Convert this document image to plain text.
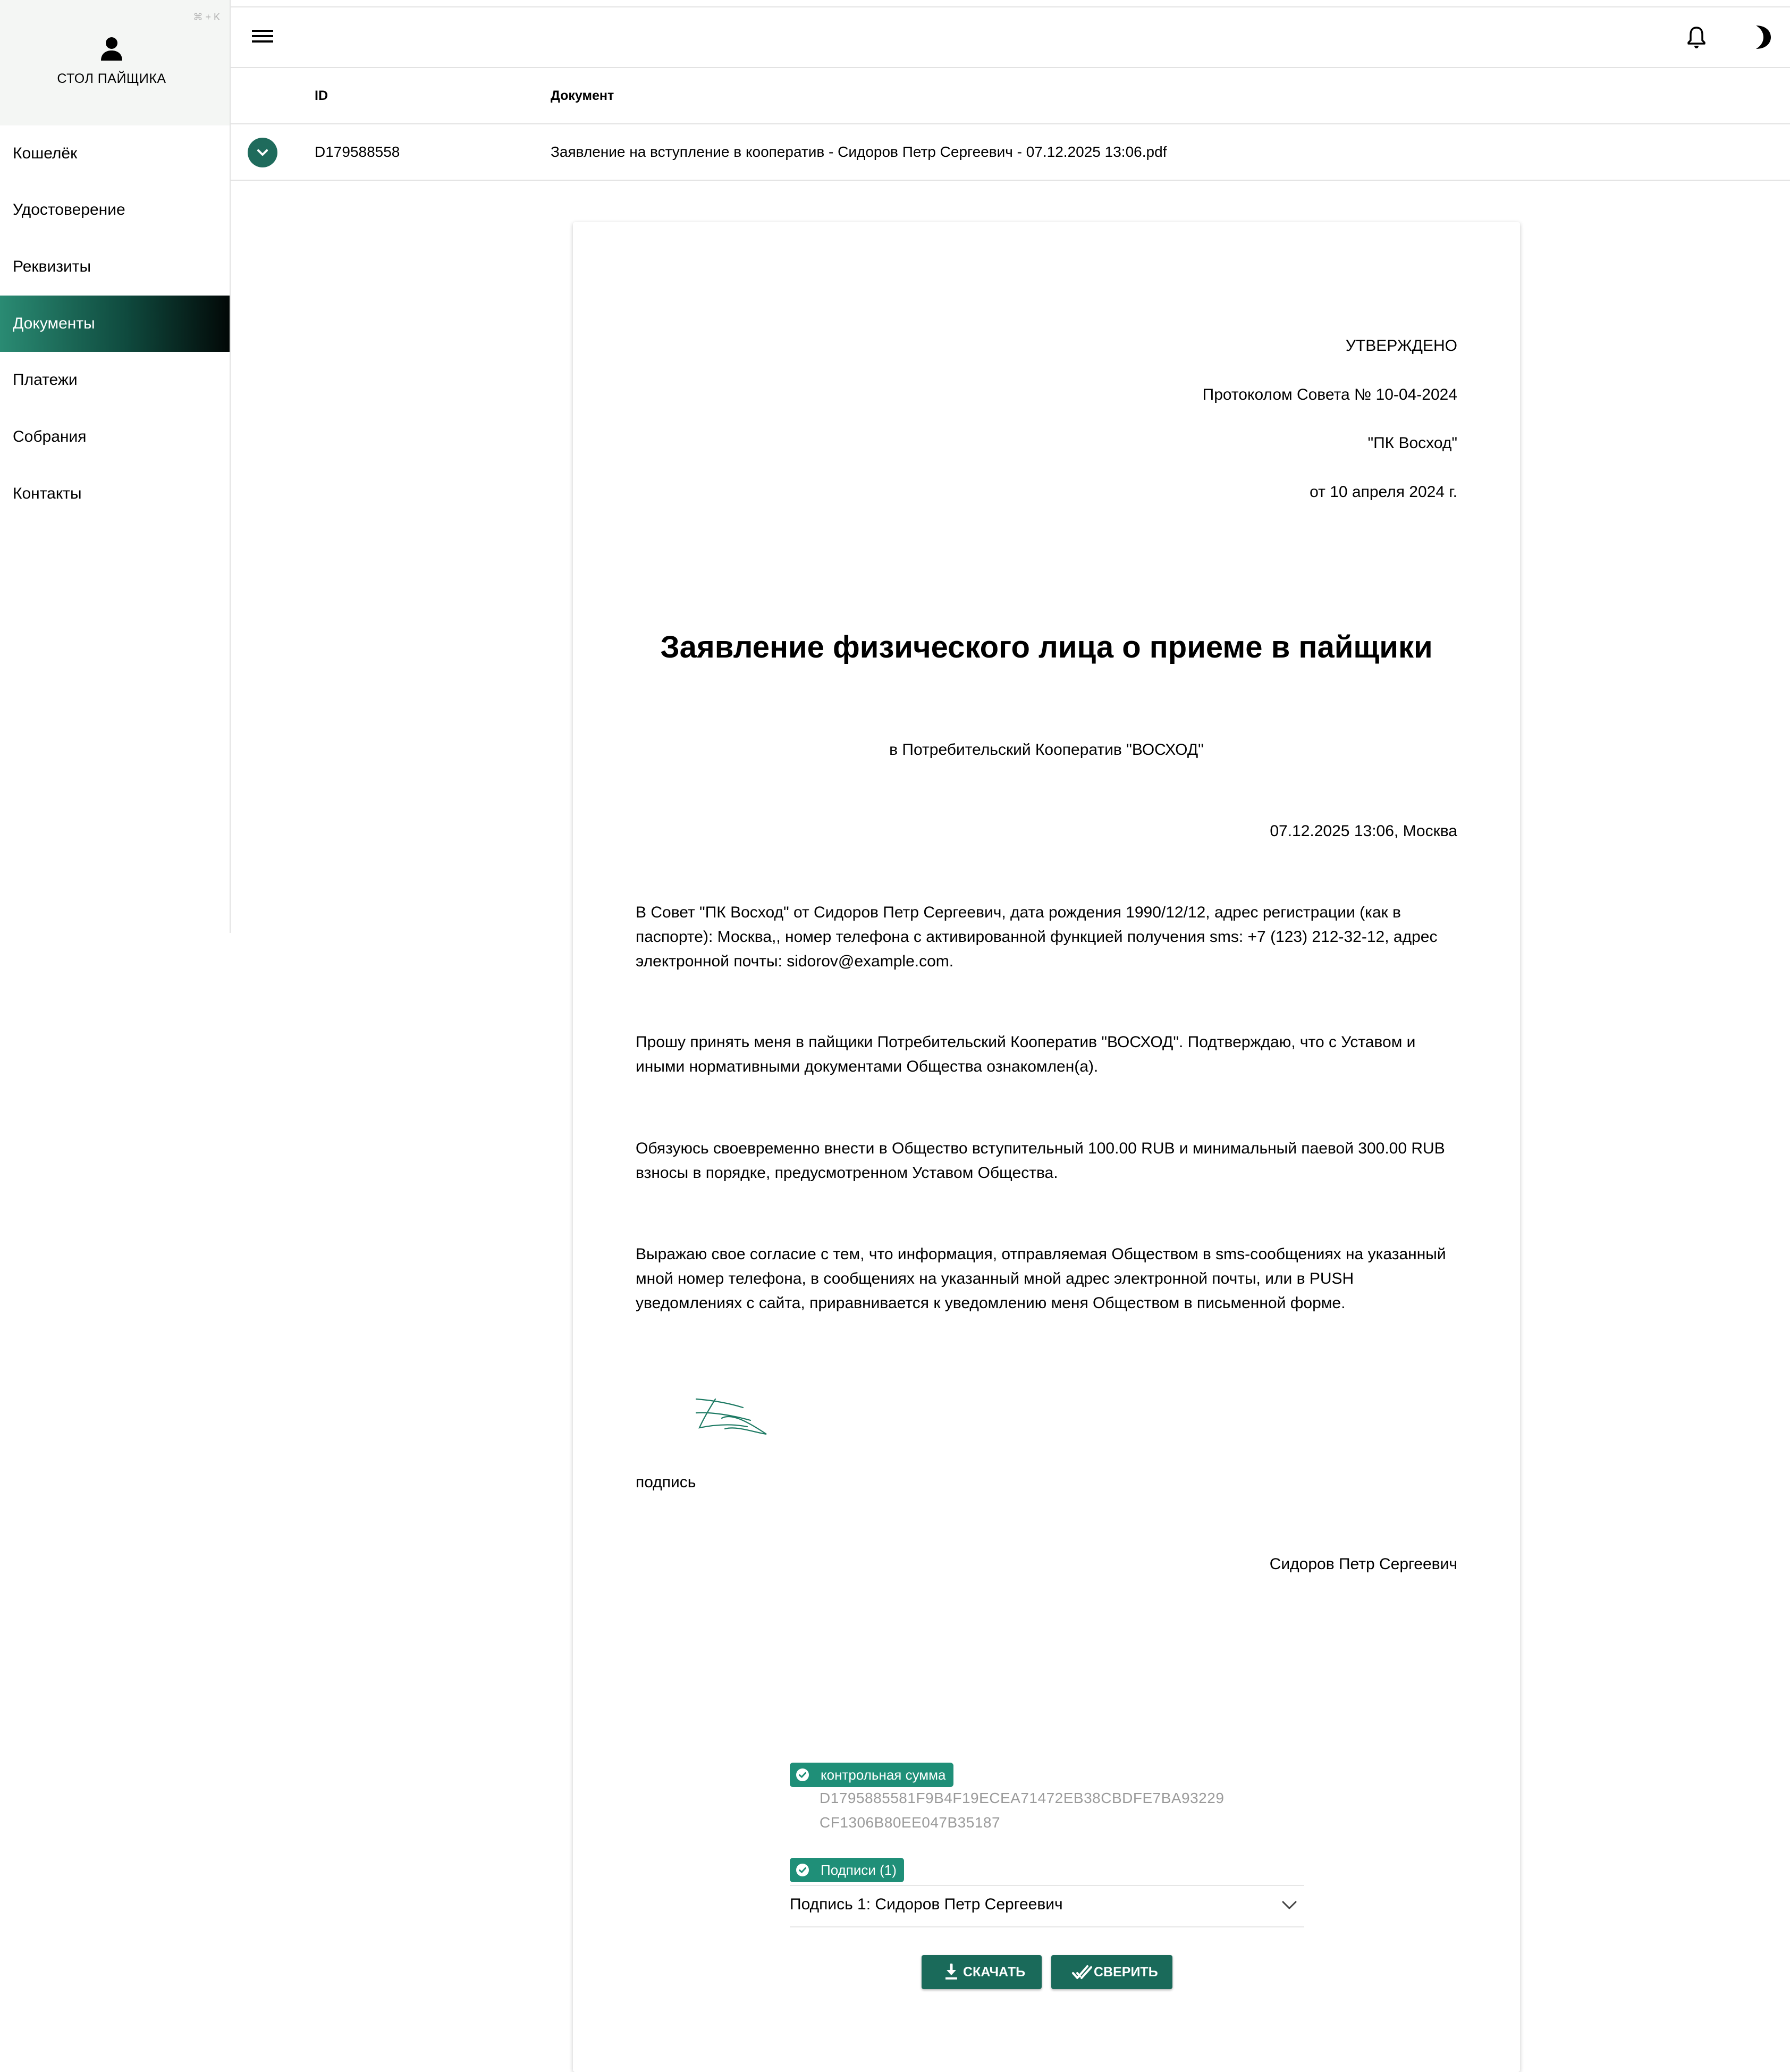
⌘ + K
СТОЛ ПАЙЩИКА
Кошелёк
Удостоверение
Реквизиты
Документы
Платежи
Собрания
Контакты
ID	Документ
D179588558	Заявление на вступление в кооператив - Сидоров Петр Сергеевич - 07.12.2025 13:06.pdf
УТВЕРЖДЕНО
Протоколом Совета № 10-04-2024
"ПК Восход"
от 10 апреля 2024 г.
Заявление физического лица о приеме в пайщики
в Потребительский Кооператив "ВОСХОД"
07.12.2025 13:06, Москва
В Совет "ПК Восход" от Сидоров Петр Сергеевич, дата рождения 1990/12/12, адрес регистрации (как в паспорте): Москва,, номер телефона с активированной функцией получения sms: +7 (123) 212-32-12, адрес электронной почты: sidorov@example.com.
Прошу принять меня в пайщики Потребительский Кооператив "ВОСХОД". Подтверждаю, что с Уставом и иными нормативными документами Общества ознакомлен(а).
Обязуюсь своевременно внести в Общество вступительный 100.00 RUB и минимальный паевой 300.00 RUB взносы в порядке, предусмотренном Уставом Общества.
Выражаю свое согласие с тем, что информация, отправляемая Обществом в sms-сообщениях на указанный мной номер телефона, в сообщениях на указанный мной адрес электронной почты, или в PUSH уведомлениях с сайта, приравнивается к уведомлению меня Обществом в письменной форме.
подпись
Сидоров Петр Сергеевич
контрольная сумма
D1795885581F9B4F19ECEA71472EB38CBDFE7BA93229
CF1306B80EE047B35187
Подписи (1)
Подпись 1: Сидоров Петр Сергеевич
СКАЧАТЬ	СВЕРИТЬ
